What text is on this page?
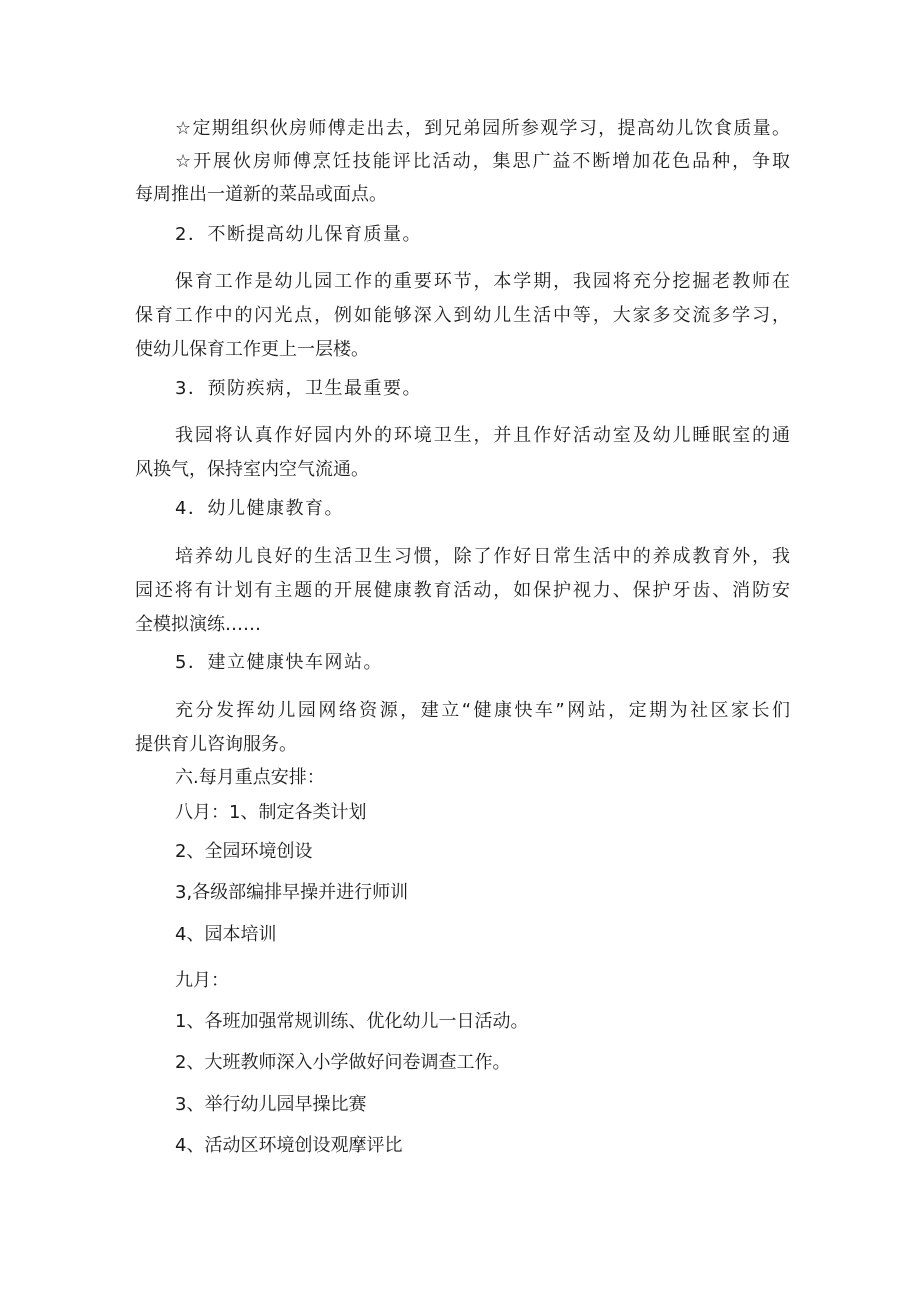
☆定期组织伙房师傅走出去，到兄弟园所参观学习，提高幼儿饮食质量。
☆开展伙房师傅烹饪技能评比活动，集思广益不断增加花色品种，争取
每周推出一道新的菜品或面点。
2．不断提高幼儿保育质量。
保育工作是幼儿园工作的重要环节，本学期，我园将充分挖掘老教师在
保育工作中的闪光点，例如能够深入到幼儿生活中等，大家多交流多学习，
使幼儿保育工作更上一层楼。
3．预防疾病，卫生最重要。
我园将认真作好园内外的环境卫生，并且作好活动室及幼儿睡眠室的通
风换气，保持室内空气流通。
4．幼儿健康教育。
培养幼儿良好的生活卫生习惯，除了作好日常生活中的养成教育外，我
园还将有计划有主题的开展健康教育活动，如保护视力、保护牙齿、消防安
全模拟演练……
5．建立健康快车网站。
充分发挥幼儿园网络资源，建立“健康快车”网站，定期为社区家长们
提供育儿咨询服务。
六.每月重点安排：
八月：1、制定各类计划
2、全园环境创设
3,各级部编排早操并进行师训
4、园本培训
九月：
1、各班加强常规训练、优化幼儿一日活动。
2、大班教师深入小学做好问卷调查工作。
3、举行幼儿园早操比赛
4、活动区环境创设观摩评比
